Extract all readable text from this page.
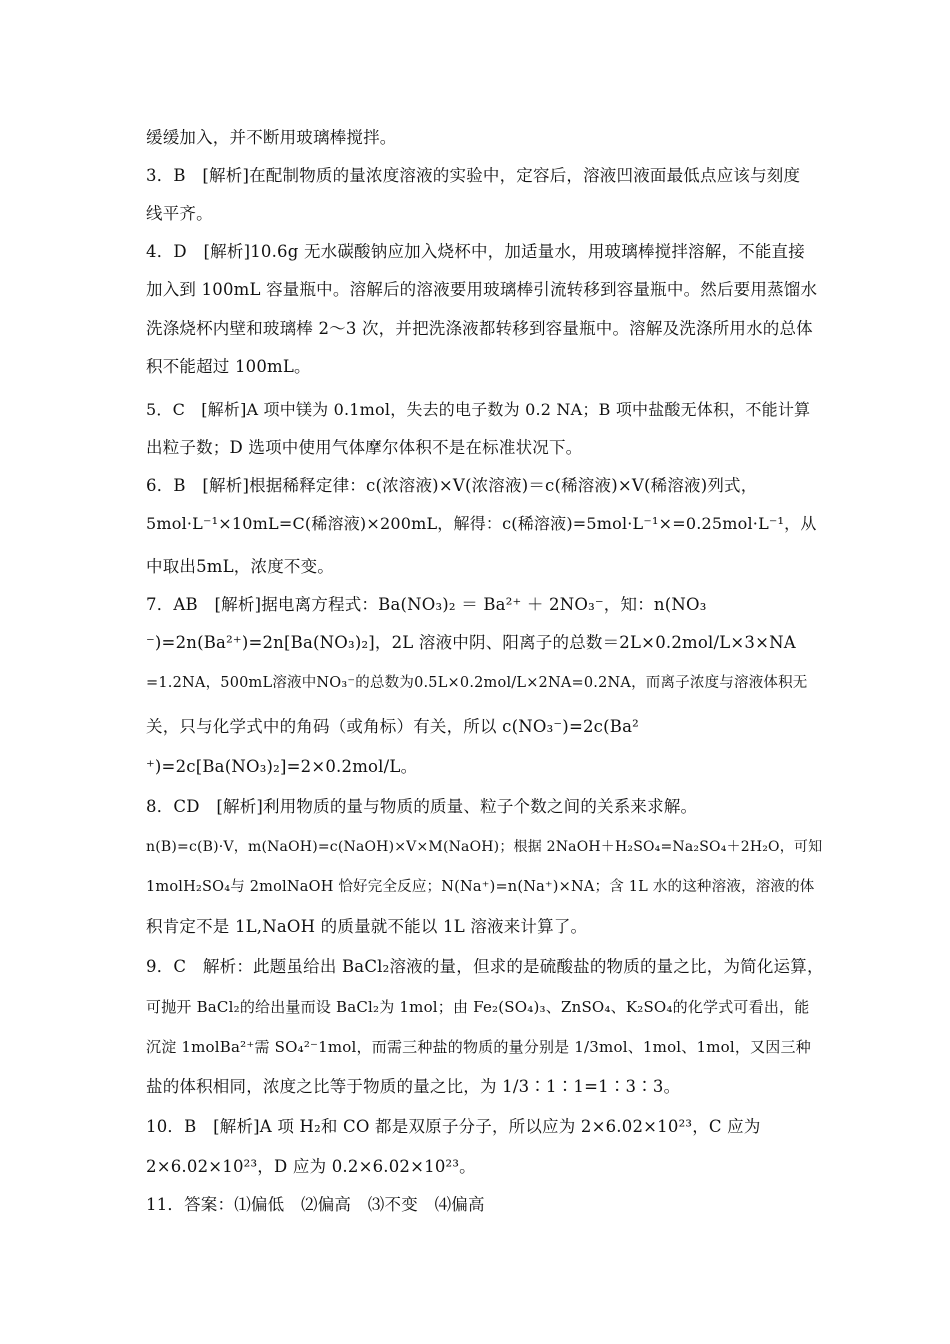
缓缓加入，并不断用玻璃棒搅拌。
3．B　[解析]在配制物质的量浓度溶液的实验中，定容后，溶液凹液面最低点应该与刻度
线平齐。
4．D　[解析]10.6g 无水碳酸钠应加入烧杯中，加适量水，用玻璃棒搅拌溶解，不能直接
加入到 100mL 容量瓶中。溶解后的溶液要用玻璃棒引流转移到容量瓶中。然后要用蒸馏水
洗涤烧杯内壁和玻璃棒 2～3 次，并把洗涤液都转移到容量瓶中。溶解及洗涤所用水的总体
积不能超过 100mL。
5．C　[解析]A 项中镁为 0.1mol，失去的电子数为 0.2 NA；B 项中盐酸无体积，不能计算
出粒子数；D 选项中使用气体摩尔体积不是在标准状况下。
6．B　[解析]根据稀释定律：c(浓溶液)×V(浓溶液)＝c(稀溶液)×V(稀溶液)列式，
5mol·L⁻¹×10mL=C(稀溶液)×200mL，解得：c(稀溶液)=5mol·L⁻¹×=0.25mol·L⁻¹，从
中取出5mL，浓度不变。
7．AB　[解析]据电离方程式：Ba(NO₃)₂ ＝ Ba²⁺ ＋ 2NO₃⁻，知：n(NO₃
⁻)=2n(Ba²⁺)=2n[Ba(NO₃)₂]，2L 溶液中阴、阳离子的总数＝2L×0.2mol/L×3×NA
=1.2NA，500mL溶液中NO₃⁻的总数为0.5L×0.2mol/L×2NA=0.2NA，而离子浓度与溶液体积无
关，只与化学式中的角码（或角标）有关，所以 c(NO₃⁻)=2c(Ba²
⁺)=2c[Ba(NO₃)₂]=2×0.2mol/L。
8．CD　[解析]利用物质的量与物质的质量、粒子个数之间的关系来求解。
n(B)=c(B)·V，m(NaOH)=c(NaOH)×V×M(NaOH)；根据 2NaOH＋H₂SO₄=Na₂SO₄＋2H₂O，可知
1molH₂SO₄与 2molNaOH 恰好完全反应；N(Na⁺)=n(Na⁺)×NA；含 1L 水的这种溶液，溶液的体
积肯定不是 1L,NaOH 的质量就不能以 1L 溶液来计算了。
9．C　解析：此题虽给出 BaCl₂溶液的量，但求的是硫酸盐的物质的量之比，为简化运算，
可抛开 BaCl₂的给出量而设 BaCl₂为 1mol；由 Fe₂(SO₄)₃、ZnSO₄、K₂SO₄的化学式可看出，能
沉淀 1molBa²⁺需 SO₄²⁻1mol，而需三种盐的物质的量分别是 1/3mol、1mol、1mol，又因三种
盐的体积相同，浓度之比等于物质的量之比，为 1/3∶1∶1=1∶3∶3。
10．B　[解析]A 项 H₂和 CO 都是双原子分子，所以应为 2×6.02×10²³，C 应为
2×6.02×10²³，D 应为 0.2×6.02×10²³。
11．答案：⑴偏低　⑵偏高　⑶不变　⑷偏高
